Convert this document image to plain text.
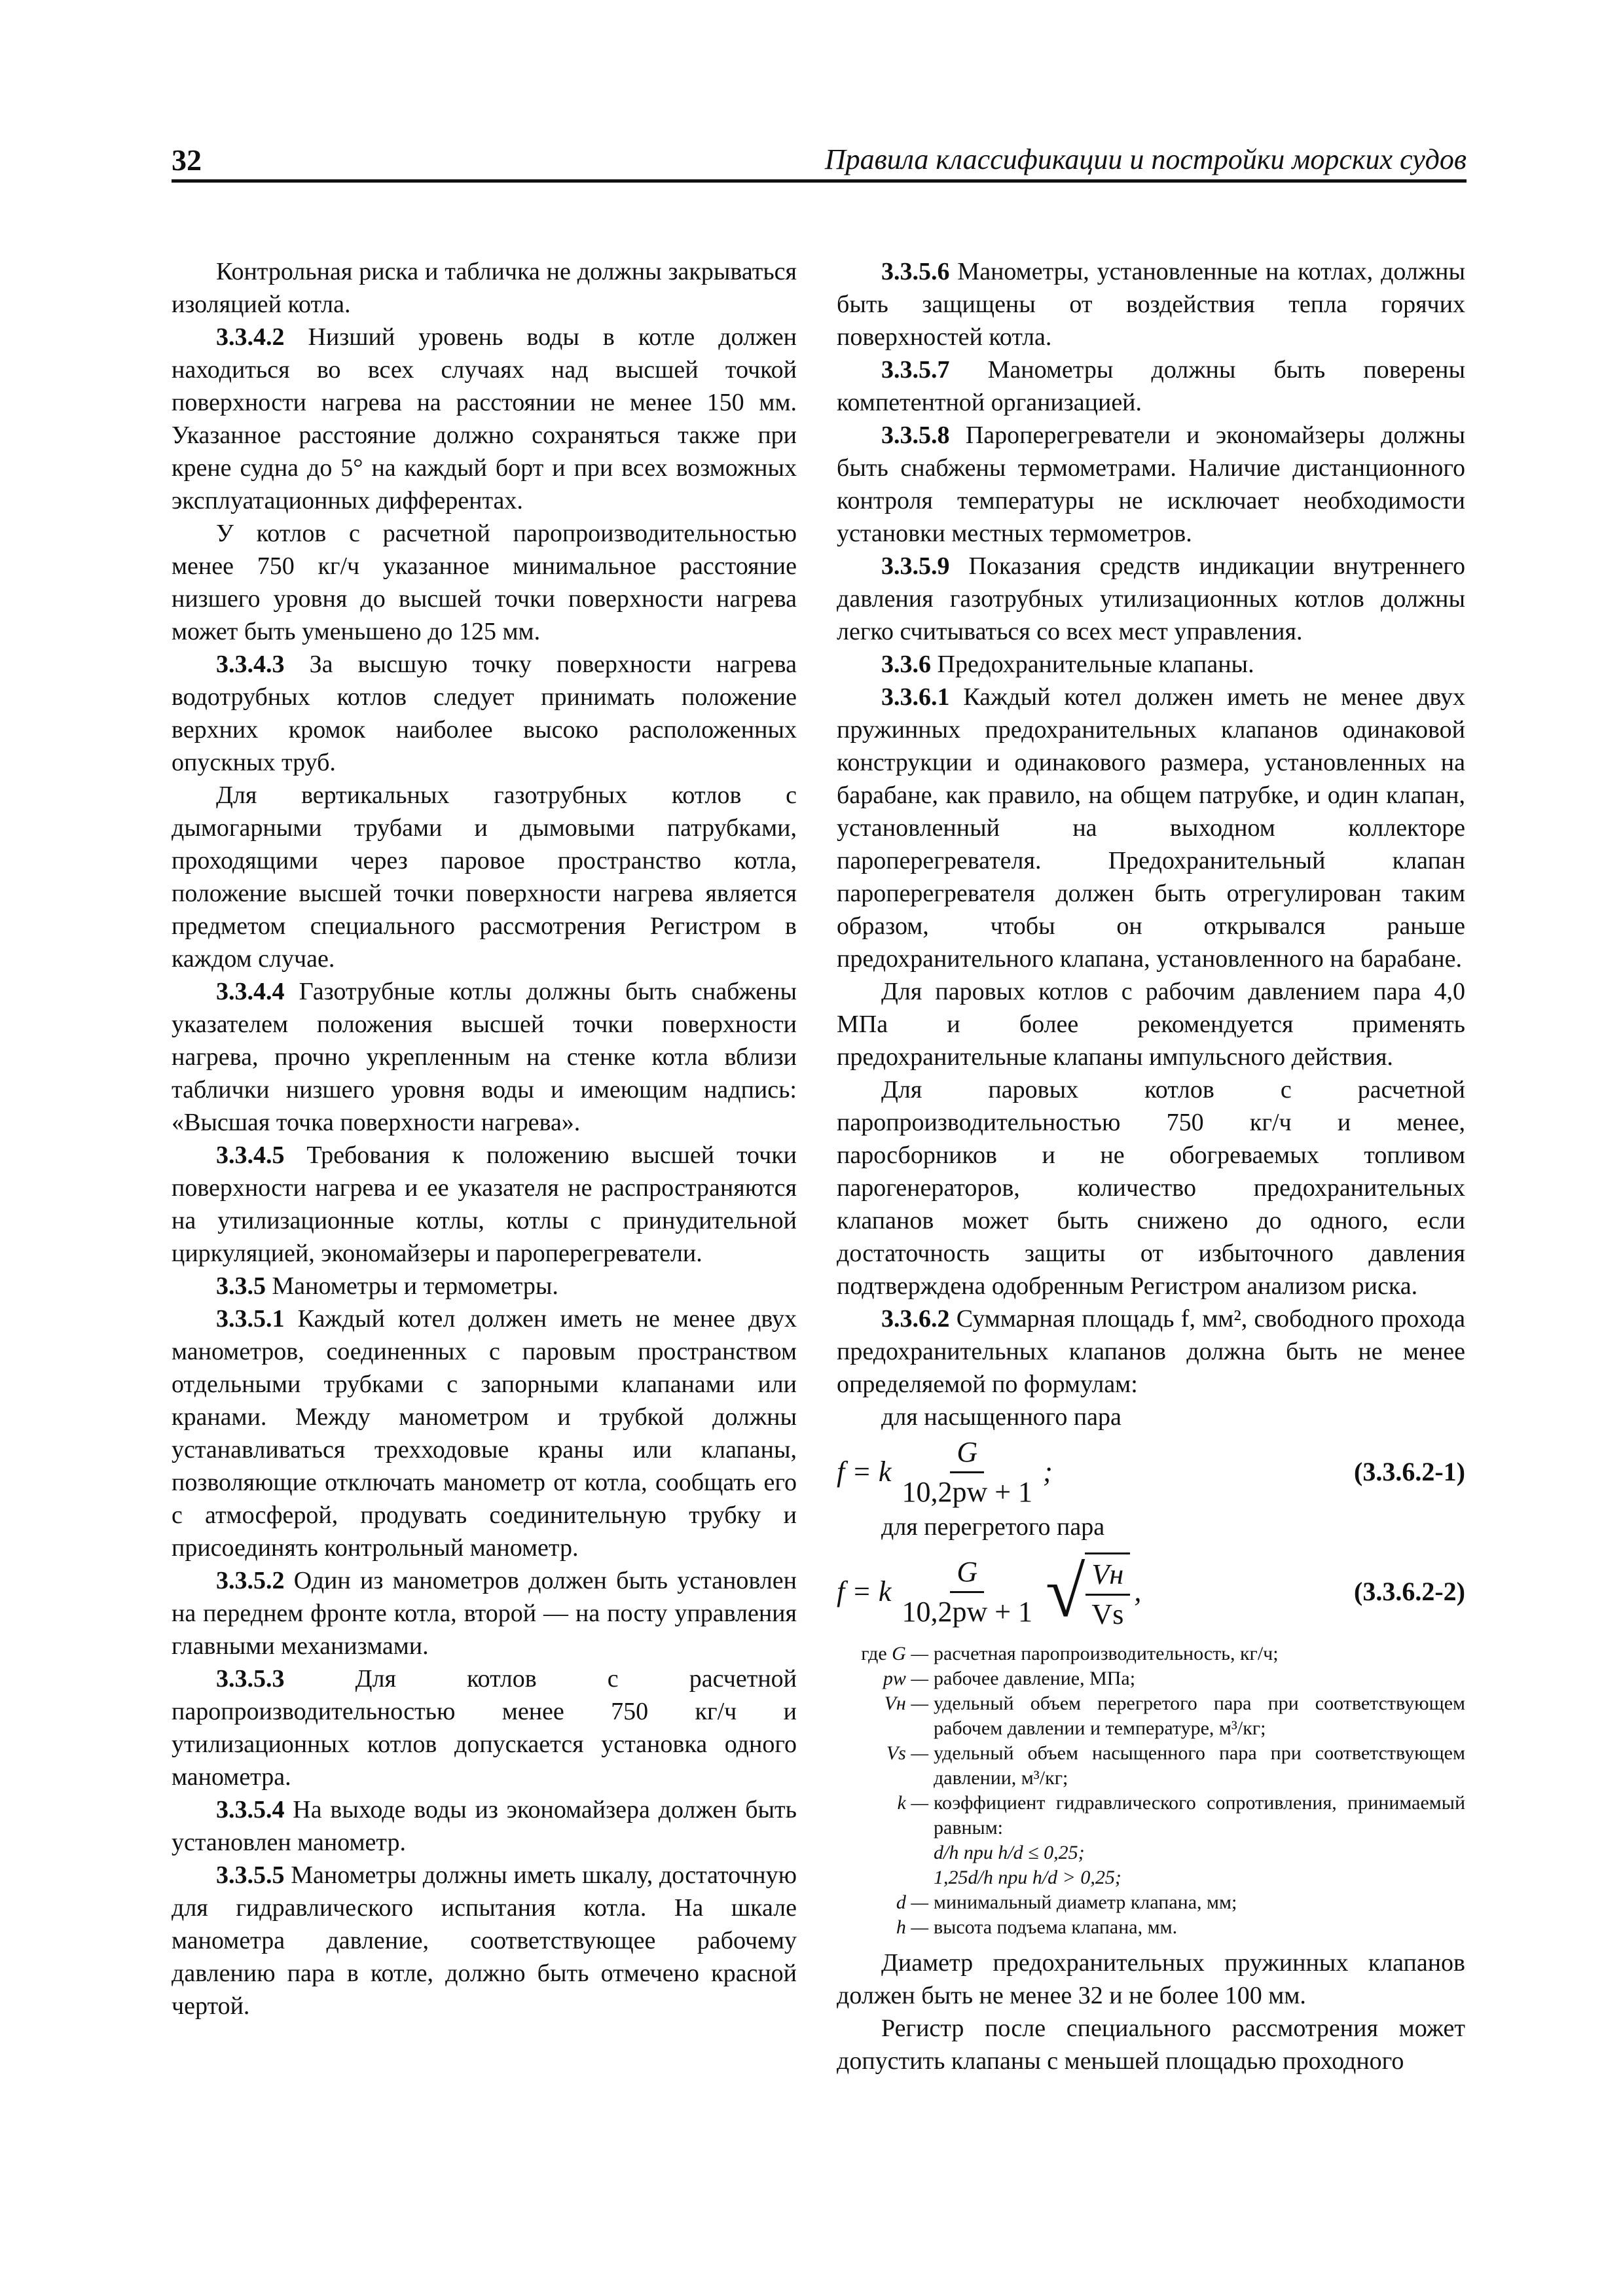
32	Правила классификации и постройки морских судов

Контрольная риска и табличка не должны закрываться изоляцией котла.

3.3.4.2 Низший уровень воды в котле должен находиться во всех случаях над высшей точкой поверхности нагрева на расстоянии не менее 150 мм. Указанное расстояние должно сохраняться также при крене судна до 5° на каждый борт и при всех возможных эксплуатационных дифферентах.

У котлов с расчетной паропроизводительностью менее 750 кг/ч указанное минимальное расстояние низшего уровня до высшей точки поверхности нагрева может быть уменьшено до 125 мм.

3.3.4.3 За высшую точку поверхности нагрева водотрубных котлов следует принимать положение верхних кромок наиболее высоко расположенных опускных труб.

Для вертикальных газотрубных котлов с дымогарными трубами и дымовыми патрубками, проходящими через паровое пространство котла, положение высшей точки поверхности нагрева является предметом специального рассмотрения Регистром в каждом случае.

3.3.4.4 Газотрубные котлы должны быть снабжены указателем положения высшей точки поверхности нагрева, прочно укрепленным на стенке котла вблизи таблички низшего уровня воды и имеющим надпись: «Высшая точка поверхности нагрева».

3.3.4.5 Требования к положению высшей точки поверхности нагрева и ее указателя не распространяются на утилизационные котлы, котлы с принудительной циркуляцией, экономайзеры и пароперегреватели.

3.3.5 Манометры и термометры.

3.3.5.1 Каждый котел должен иметь не менее двух манометров, соединенных с паровым пространством отдельными трубками с запорными клапанами или кранами. Между манометром и трубкой должны устанавливаться трехходовые краны или клапаны, позволяющие отключать манометр от котла, сообщать его с атмосферой, продувать соединительную трубку и присоединять контрольный манометр.

3.3.5.2 Один из манометров должен быть установлен на переднем фронте котла, второй — на посту управления главными механизмами.

3.3.5.3 Для котлов с расчетной паропроизводительностью менее 750 кг/ч и утилизационных котлов допускается установка одного манометра.

3.3.5.4 На выходе воды из экономайзера должен быть установлен манометр.

3.3.5.5 Манометры должны иметь шкалу, достаточную для гидравлического испытания котла. На шкале манометра давление, соответствующее рабочему давлению пара в котле, должно быть отмечено красной чертой.

3.3.5.6 Манометры, установленные на котлах, должны быть защищены от воздействия тепла горячих поверхностей котла.

3.3.5.7 Манометры должны быть поверены компетентной организацией.

3.3.5.8 Пароперегреватели и экономайзеры должны быть снабжены термометрами. Наличие дистанционного контроля температуры не исключает необходимости установки местных термометров.

3.3.5.9 Показания средств индикации внутреннего давления газотрубных утилизационных котлов должны легко считываться со всех мест управления.

3.3.6 Предохранительные клапаны.

3.3.6.1 Каждый котел должен иметь не менее двух пружинных предохранительных клапанов одинаковой конструкции и одинакового размера, установленных на барабане, как правило, на общем патрубке, и один клапан, установленный на выходном коллекторе пароперегревателя. Предохранительный клапан пароперегревателя должен быть отрегулирован таким образом, чтобы он открывался раньше предохранительного клапана, установленного на барабане.

Для паровых котлов с рабочим давлением пара 4,0 МПа и более рекомендуется применять предохранительные клапаны импульсного действия.

Для паровых котлов с расчетной паропроизводительностью 750 кг/ч и менее, паросборников и не обогреваемых топливом парогенераторов, количество предохранительных клапанов может быть снижено до одного, если достаточность защиты от избыточного давления подтверждена одобренным Регистром анализом риска.

3.3.6.2 Суммарная площадь f, мм², свободного прохода предохранительных клапанов должна быть не менее определяемой по формулам:

для насыщенного пара

f = k $\frac{G}{10,2pw + 1}$ ;	(3.3.6.2-1)

для перегретого пара

f = k $\frac{G}{10,2pw + 1}$ √ $\frac{Vн}{Vs}$ ,	(3.3.6.2-2)
где G — расчетная паропроизводительность, кг/ч;
pw — рабочее давление, МПа;
Vн — удельный объем перегретого пара при соответствующем рабочем давлении и температуре, м³/кг;
Vs — удельный объем насыщенного пара при соответствующем давлении, м³/кг;
k — коэффициент гидравлического сопротивления, принимаемый равным:
d/h при h/d ≤ 0,25;
1,25d/h при h/d > 0,25;
d — минимальный диаметр клапана, мм;
h — высота подъема клапана, мм.

Диаметр предохранительных пружинных клапанов должен быть не менее 32 и не более 100 мм.

Регистр после специального рассмотрения может допустить клапаны с меньшей площадью проходного
